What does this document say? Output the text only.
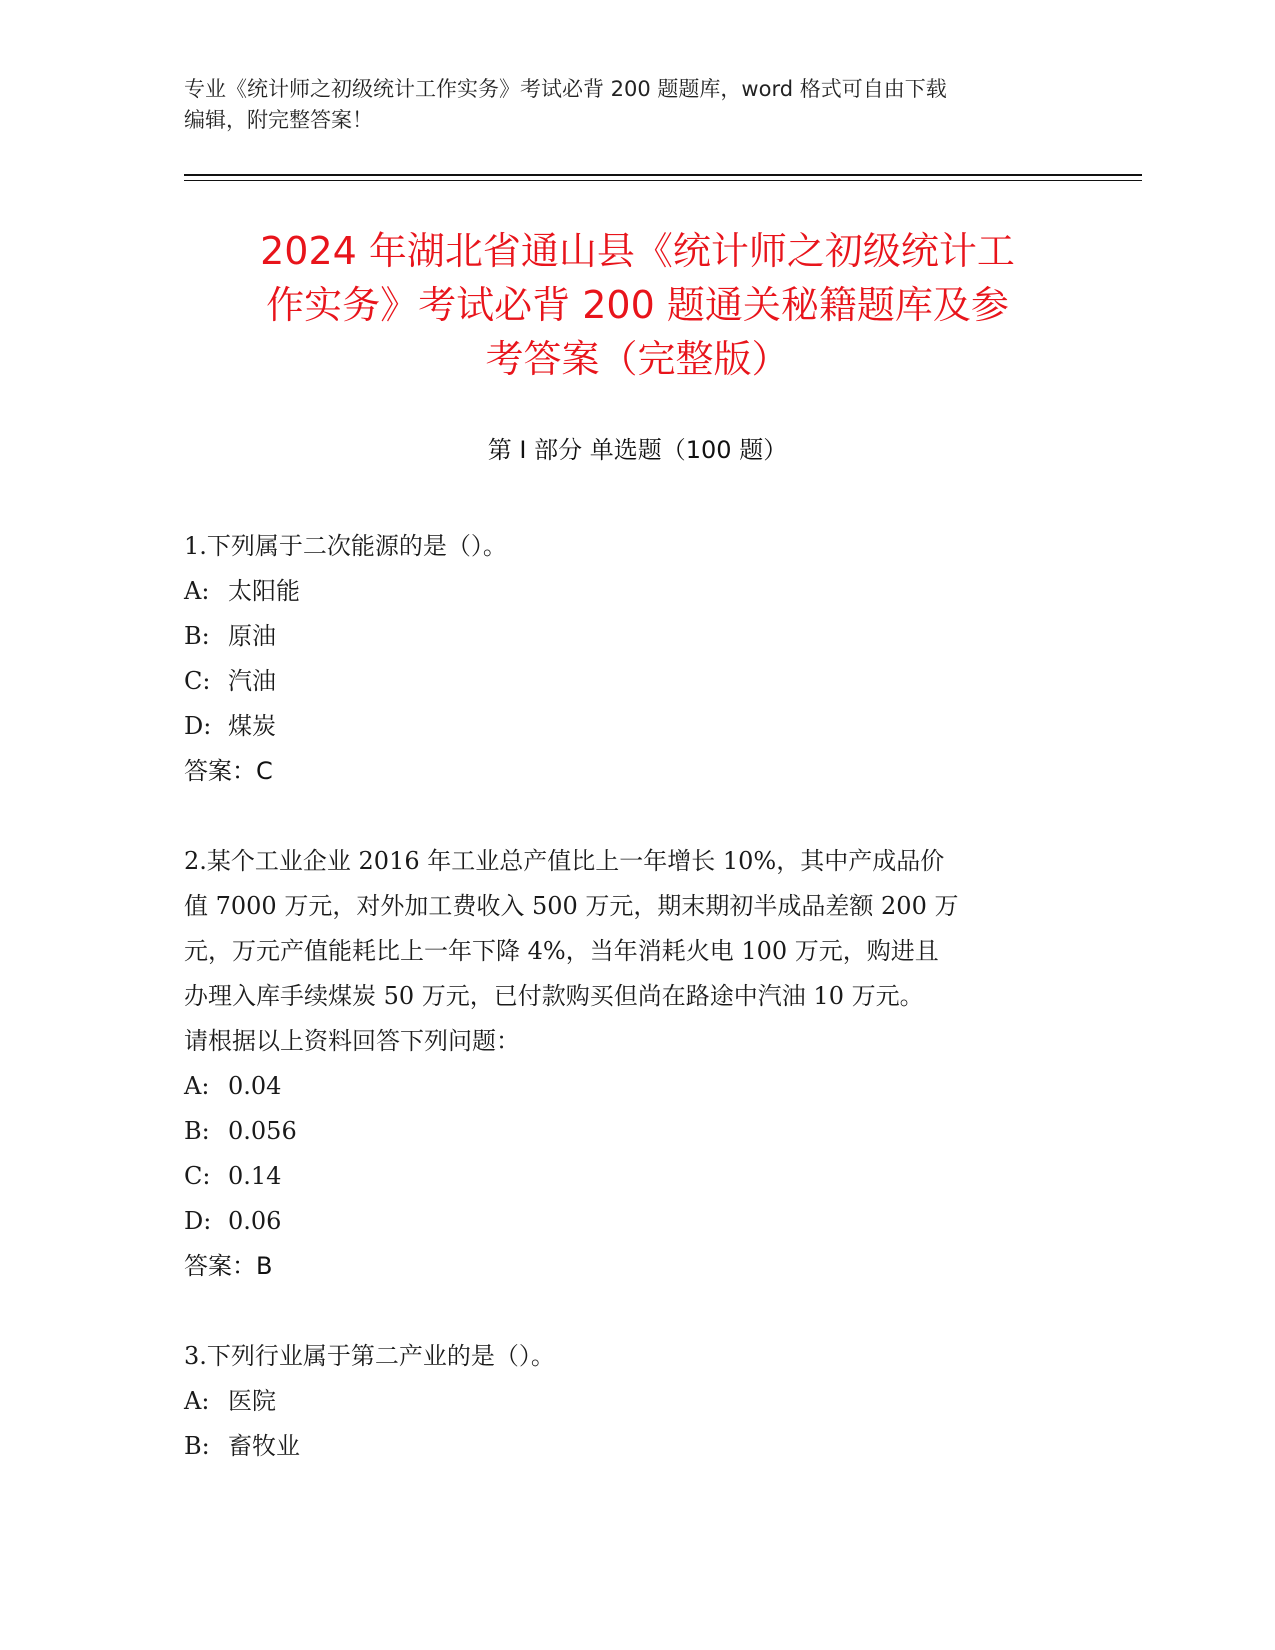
专业《统计师之初级统计工作实务》考试必背 200 题题库，word 格式可自由下载
编辑，附完整答案！
2024 年湖北省通山县《统计师之初级统计工
作实务》考试必背 200 题通关秘籍题库及参
考答案（完整版）
第 I 部分 单选题（100 题）
1.下列属于二次能源的是（）。
A: 太阳能
B: 原油
C: 汽油
D: 煤炭
答案：C
2.某个工业企业 2016 年工业总产值比上一年增长 10%，其中产成品价
值 7000 万元，对外加工费收入 500 万元，期末期初半成品差额 200 万
元，万元产值能耗比上一年下降 4%，当年消耗火电 100 万元，购进且
办理入库手续煤炭 50 万元，已付款购买但尚在路途中汽油 10 万元。
请根据以上资料回答下列问题：
A: 0.04
B: 0.056
C: 0.14
D: 0.06
答案：B
3.下列行业属于第二产业的是（）。
A: 医院
B: 畜牧业
